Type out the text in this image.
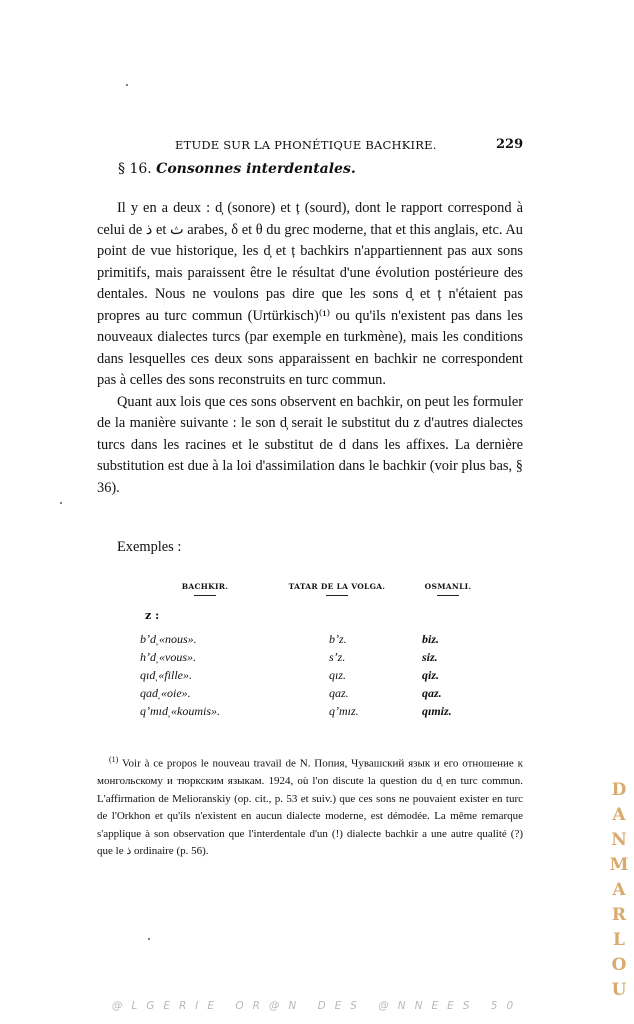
ETUDE SUR LA PHONÉTIQUE BACHKIRE.	229
§ 16. Consonnes interdentales.

Il y en a deux : d̦ (sonore) et ț (sourd), dont le rapport correspond à celui de ذ et ث arabes, δ et θ du grec moderne, that et this anglais, etc. Au point de vue historique, les d̦ et ț bachkirs n'appartiennent pas aux sons primitifs, mais paraissent être le résultat d'une évolution postérieure des dentales. Nous ne voulons pas dire que les sons d̦ et ț n'étaient pas propres au turc commun (Urtürkisch)⁽¹⁾ ou qu'ils n'existent pas dans les nouveaux dialectes turcs (par exemple en turkmène), mais les conditions dans lesquelles ces deux sons apparaissent en bachkir ne correspondent pas à celles des sons reconstruits en turc commun.

Quant aux lois que ces sons observent en bachkir, on peut les formuler de la manière suivante : le son d̦ serait le substitut du z d'autres dialectes turcs dans les racines et le substitut de d dans les affixes. La dernière substitution est due à la loi d'assimilation dans le bachkir (voir plus bas, § 36).

Exemples :
BACHKIR.	TATAR DE LA VOLGA.	OSMANLI.
z :
bʼd̦ «nous».	bʼz.	biz.
hʼd̦ «vous».	sʼz.	siz.
qıd̦ «fille».	qız.	qiz.
qad̦ «oie».	qaz.	qaz.
qʼmıd̦ «koumis».	qʼmız.	qımiz.
$^{(1)}$ Voir à ce propos le nouveau travail de N. Попия, Чувашский язык и его отношение к монгольскому и тюркским языкам. 1924, où l'on discute la question du d̦ en turc commun. L'affirmation de Melioranskiy (op. cit., p. 53 et suiv.) que ces sons ne pouvaient exister en turc de l'Orkhon et qu'ils n'existent en aucun dialecte moderne, est démodée. La même remarque s'applique à son observation que l'interdentale d'un (!) dialecte bachkir a une autre qualité (?) que le ذ ordinaire (p. 56).
D
A
N
M
A
R
L
O
U
@LGERIE OR@N DES @NNEES 50
